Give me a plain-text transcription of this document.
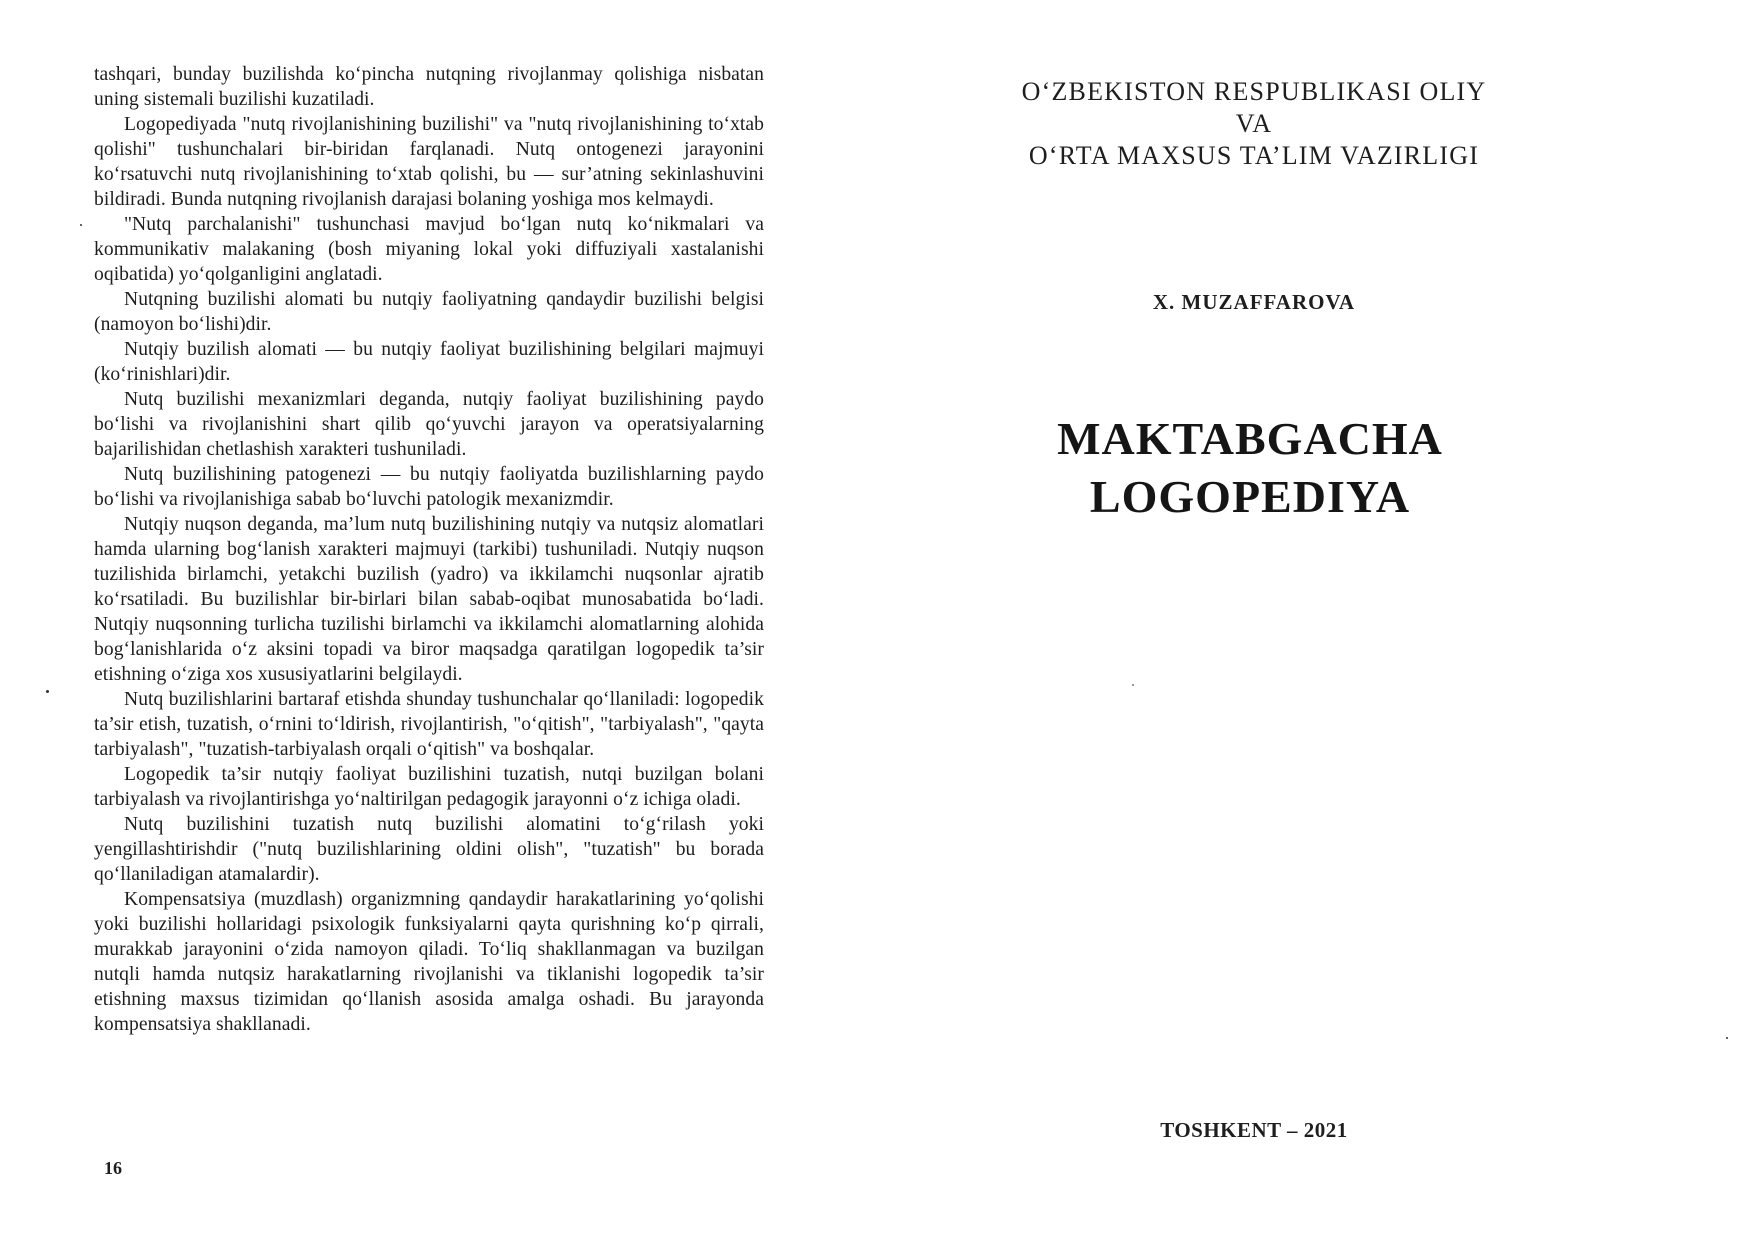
tashqari, bunday buzilishda ko‘pincha nutqning rivojlanmay qolishiga nisbatan uning sistemali buzilishi kuzatiladi.

Logopediyada "nutq rivojlanishining buzilishi" va "nutq rivojlanishining to‘xtab qolishi" tushunchalari bir-biridan farqlanadi. Nutq ontogenezi jarayonini ko‘rsatuvchi nutq rivojlanishining to‘xtab qolishi, bu — sur’atning sekinlashuvini bildiradi. Bunda nutqning rivojlanish darajasi bolaning yoshiga mos kelmaydi.

"Nutq parchalanishi" tushunchasi mavjud bo‘lgan nutq ko‘nikmalari va kommunikativ malakaning (bosh miyaning lokal yoki diffuziyali xastalanishi oqibatida) yo‘qolganligini anglatadi.

Nutqning buzilishi alomati bu nutqiy faoliyatning qandaydir buzilishi belgisi (namoyon bo‘lishi)dir.

Nutqiy buzilish alomati — bu nutqiy faoliyat buzilishining belgilari majmuyi (ko‘rinishlari)dir.

Nutq buzilishi mexanizmlari deganda, nutqiy faoliyat buzilishining paydo bo‘lishi va rivojlanishini shart qilib qo‘yuvchi jarayon va operatsiyalarning bajarilishidan chetlashish xarakteri tushuniladi.

Nutq buzilishining patogenezi — bu nutqiy faoliyatda buzilishlarning paydo bo‘lishi va rivojlanishiga sabab bo‘luvchi patologik mexanizmdir.

Nutqiy nuqson deganda, ma’lum nutq buzilishining nutqiy va nutqsiz alomatlari hamda ularning bog‘lanish xarakteri majmuyi (tarkibi) tushuniladi. Nutqiy nuqson tuzilishida birlamchi, yetakchi buzilish (yadro) va ikkilamchi nuqsonlar ajratib ko‘rsatiladi. Bu buzilishlar bir-birlari bilan sabab-oqibat munosabatida bo‘ladi. Nutqiy nuqsonning turlicha tuzilishi birlamchi va ikkilamchi alomatlarning alohida bog‘lanishlarida o‘z aksini topadi va biror maqsadga qaratilgan logopedik ta’sir etishning o‘ziga xos xususiyatlarini belgilaydi.

Nutq buzilishlarini bartaraf etishda shunday tushunchalar qo‘llaniladi: logopedik ta’sir etish, tuzatish, o‘rnini to‘ldirish, rivojlantirish, "o‘qitish", "tarbiyalash", "qayta tarbiyalash", "tuzatish-tarbiyalash orqali o‘qitish" va boshqalar.

Logopedik ta’sir nutqiy faoliyat buzilishini tuzatish, nutqi buzilgan bolani tarbiyalash va rivojlantirishga yo‘naltirilgan pedagogik jarayonni o‘z ichiga oladi.

Nutq buzilishini tuzatish nutq buzilishi alomatini to‘g‘rilash yoki yengillashtirishdir ("nutq buzilishlarining oldini olish", "tuzatish" bu borada qo‘llaniladigan atamalardir).

Kompensatsiya (muzdlash) organizmning qandaydir harakatlarining yo‘qolishi yoki buzilishi hollaridagi psixologik funksiyalarni qayta qurishning ko‘p qirrali, murakkab jarayonini o‘zida namoyon qiladi. To‘liq shakllanmagan va buzilgan nutqli hamda nutqsiz harakatlarning rivojlanishi va tiklanishi logopedik ta’sir etishning maxsus tizimidan qo‘llanish asosida amalga oshadi. Bu jarayonda kompensatsiya shakllanadi.

16
O‘ZBEKISTON RESPUBLIKASI OLIY VA
O‘RTA MAXSUS TA’LIM VAZIRLIGI
X. MUZAFFAROVA
MAKTABGACHA
LOGOPEDIYA
TOSHKENT – 2021
